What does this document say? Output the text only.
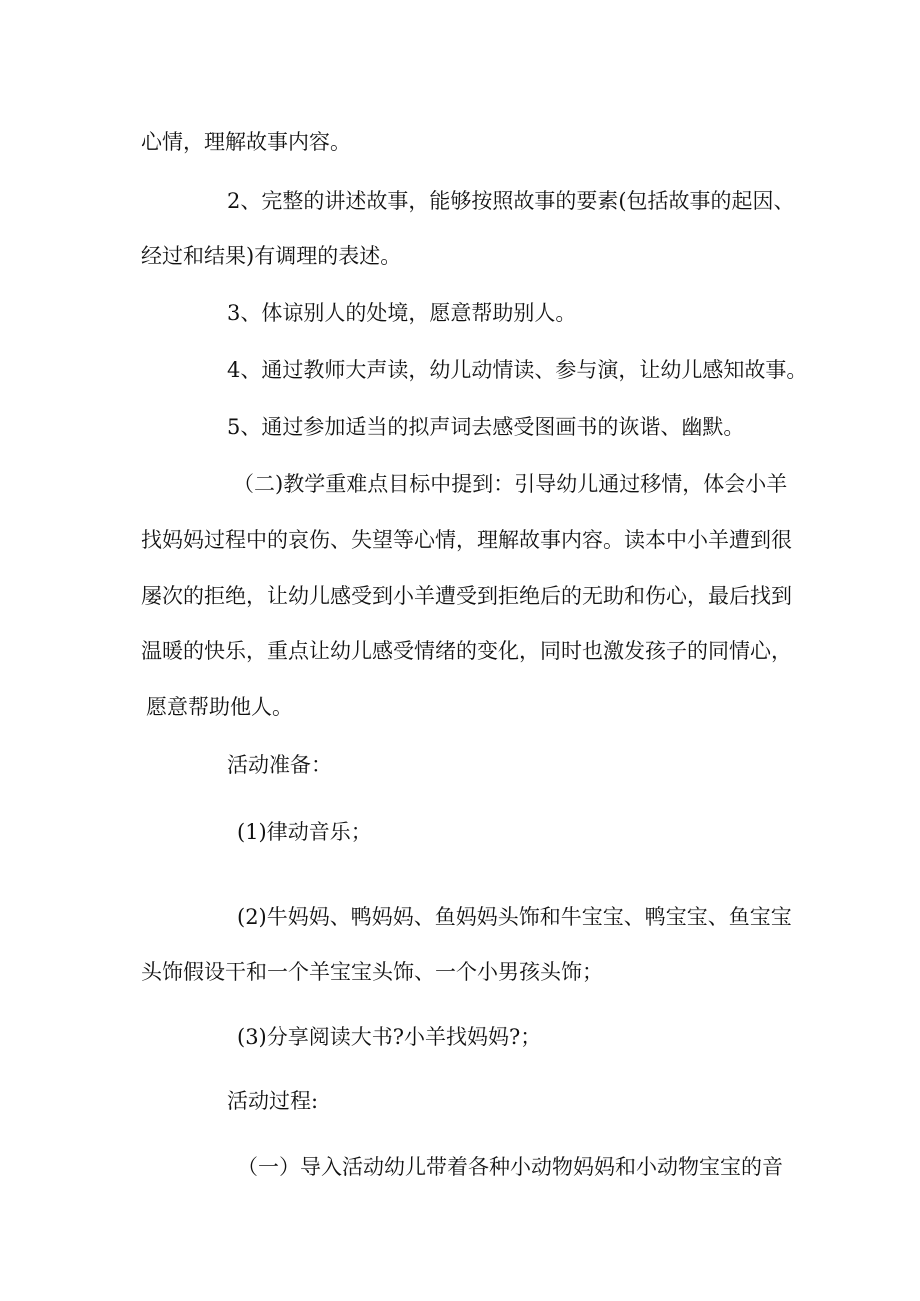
心情，理解故事内容。
2、完整的讲述故事，能够按照故事的要素(包括故事的起因、
经过和结果)有调理的表述。
3、体谅别人的处境，愿意帮助别人。
4、通过教师大声读，幼儿动情读、参与演，让幼儿感知故事。
5、通过参加适当的拟声词去感受图画书的诙谐、幽默。
（二)教学重难点目标中提到：引导幼儿通过移情，体会小羊
找妈妈过程中的哀伤、失望等心情，理解故事内容。读本中小羊遭到很
屡次的拒绝，让幼儿感受到小羊遭受到拒绝后的无助和伤心，最后找到
温暖的快乐，重点让幼儿感受情绪的变化，同时也激发孩子的同情心，
愿意帮助他人。
活动准备：
(1)律动音乐；
(2)牛妈妈、鸭妈妈、鱼妈妈头饰和牛宝宝、鸭宝宝、鱼宝宝
头饰假设干和一个羊宝宝头饰、一个小男孩头饰；
(3)分享阅读大书?小羊找妈妈?；
活动过程:
（一）导入活动幼儿带着各种小动物妈妈和小动物宝宝的音
